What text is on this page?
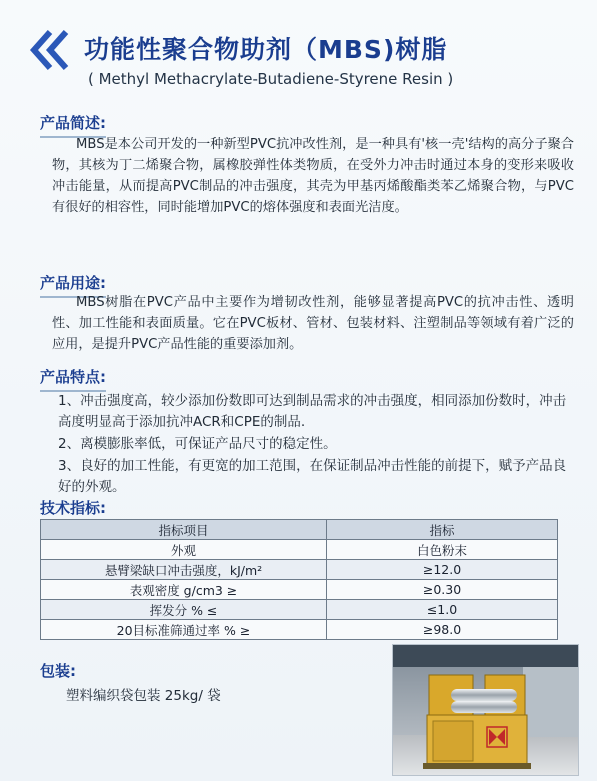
功能性聚合物助剂（MBS)树脂
( Methyl Methacrylate-Butadiene-Styrene Resin )
产品简述:
MBS是本公司开发的一种新型PVC抗冲改性剂，是一种具有'核一壳'结构的高分子聚合物，其核为丁二烯聚合物，属橡胶弹性体类物质，在受外力冲击时通过本身的变形来吸收冲击能量，从而提高PVC制品的冲击强度，其壳为甲基丙烯酸酯类苯乙烯聚合物，与PVC有很好的相容性，同时能增加PVC的熔体强度和表面光洁度。
产品用途:
MBS树脂在PVC产品中主要作为增韧改性剂，能够显著提高PVC的抗冲击性、透明性、加工性能和表面质量。它在PVC板材、管材、包装材料、注塑制品等领域有着广泛的应用，是提升PVC产品性能的重要添加剂。
产品特点:

1、冲击强度高，较少添加份数即可达到制品需求的冲击强度，相同添加份数时，冲击高度明显高于添加抗冲ACR和CPE的制品.

2、离模膨胀率低，可保证产品尺寸的稳定性。

3、良好的加工性能，有更宽的加工范围，在保证制品冲击性能的前提下，赋予产品良好的外观。

技术指标:
指标项目	指标
外观	白色粉末
悬臂梁缺口冲击强度，kJ/m²	≥12.0
表观密度 g/cm3 ≥	≥0.30
挥发分 % ≤	≤1.0
20目标准筛通过率 % ≥	≥98.0
包装:
塑料编织袋包装 25kg/ 袋
